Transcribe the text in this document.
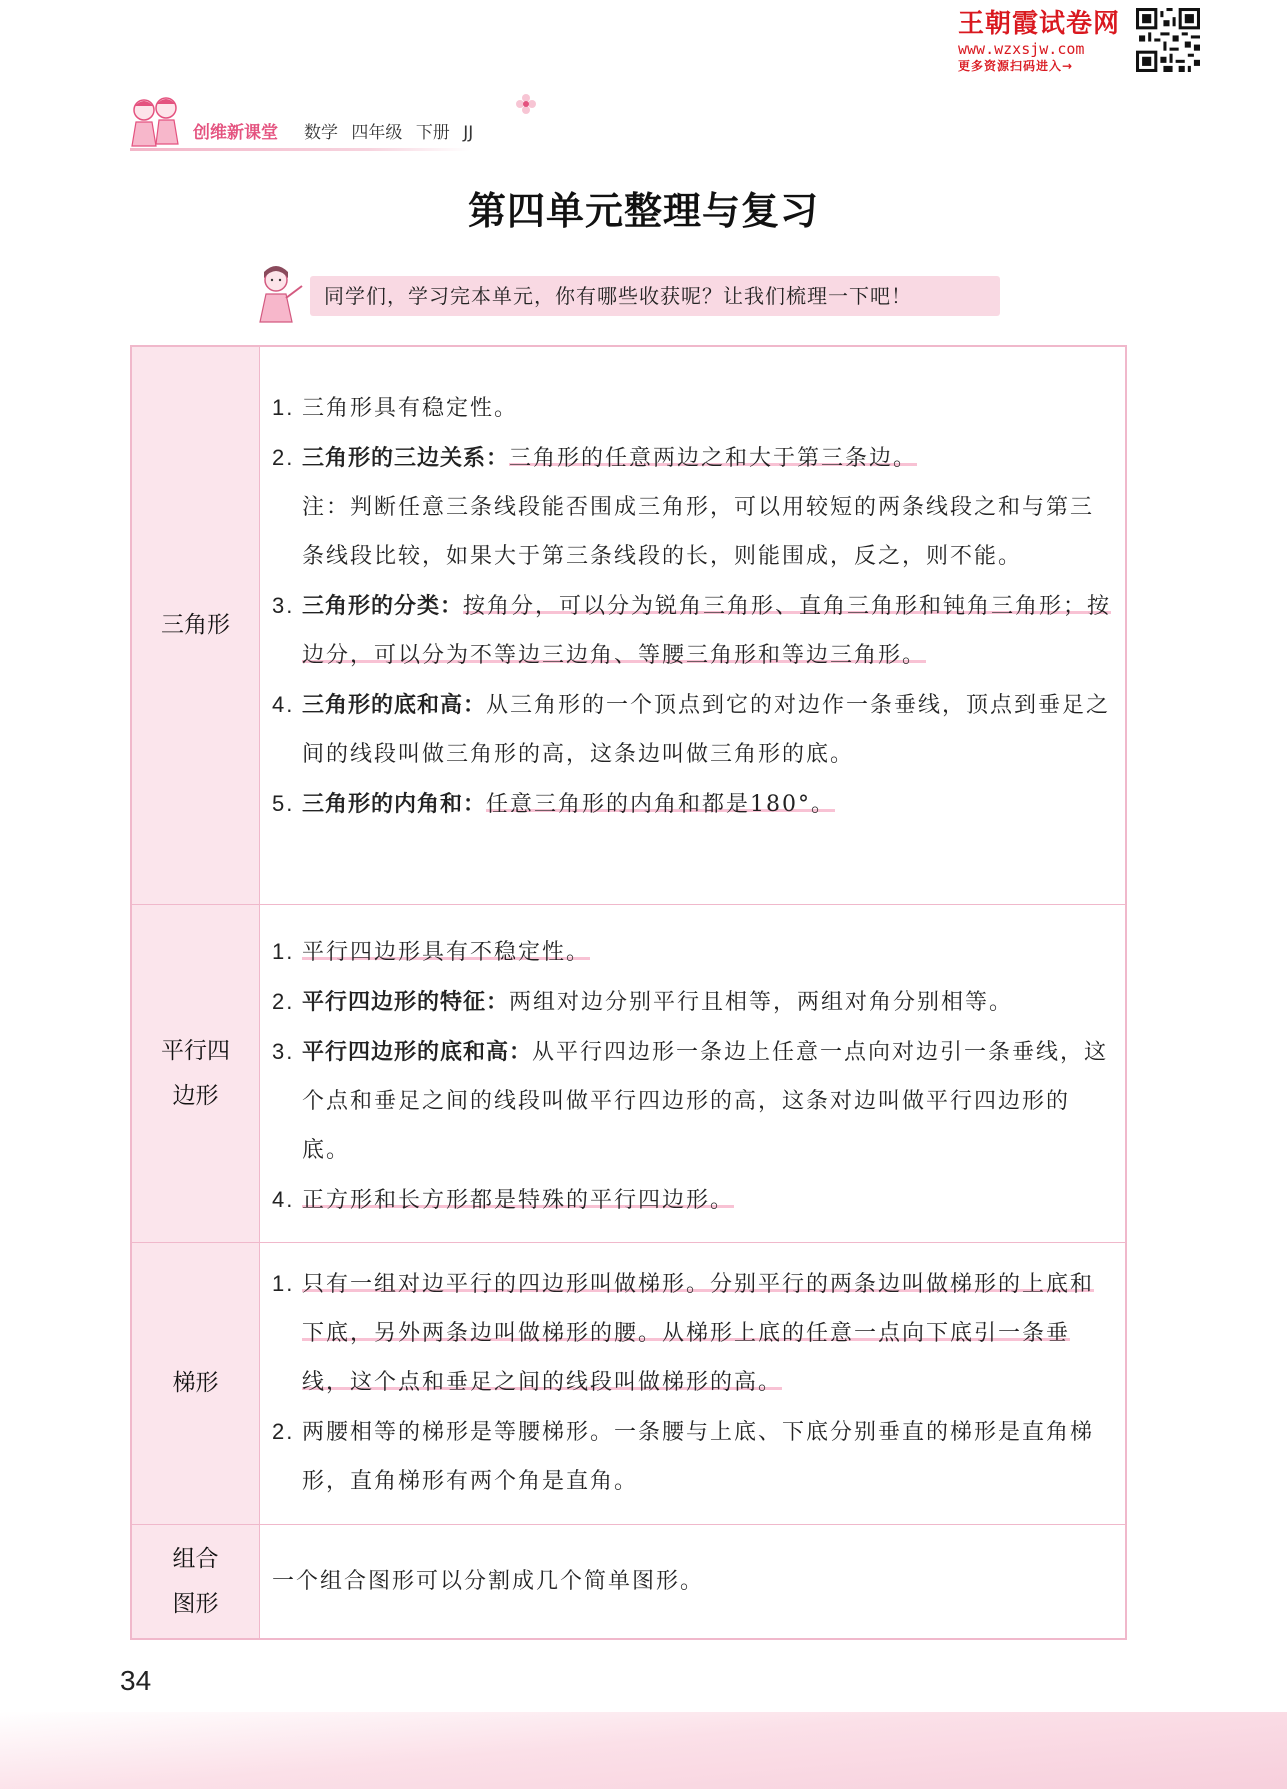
王朝霞试卷网
www.wzxsjw.com
更多资源扫码进入→
创维新课堂 数学 四年级 下册 JJ
第四单元整理与复习
同学们，学习完本单元，你有哪些收获呢？让我们梳理一下吧！
三角形
1. 三角形具有稳定性。
2. 三角形的三边关系：三角形的任意两边之和大于第三条边。
注：判断任意三条线段能否围成三角形，可以用较短的两条线段之和与第三条线段比较，如果大于第三条线段的长，则能围成，反之，则不能。
3. 三角形的分类：按角分，可以分为锐角三角形、直角三角形和钝角三角形；按边分，可以分为不等边三边角、等腰三角形和等边三角形。
4. 三角形的底和高：从三角形的一个顶点到它的对边作一条垂线，顶点到垂足之间的线段叫做三角形的高，这条边叫做三角形的底。
5. 三角形的内角和：任意三角形的内角和都是180°。
平行四边形
1. 平行四边形具有不稳定性。
2. 平行四边形的特征：两组对边分别平行且相等，两组对角分别相等。
3. 平行四边形的底和高：从平行四边形一条边上任意一点向对边引一条垂线，这个点和垂足之间的线段叫做平行四边形的高，这条对边叫做平行四边形的底。
4. 正方形和长方形都是特殊的平行四边形。
梯形
1. 只有一组对边平行的四边形叫做梯形。分别平行的两条边叫做梯形的上底和下底，另外两条边叫做梯形的腰。从梯形上底的任意一点向下底引一条垂线，这个点和垂足之间的线段叫做梯形的高。
2. 两腰相等的梯形是等腰梯形。一条腰与上底、下底分别垂直的梯形是直角梯形，直角梯形有两个角是直角。
组合图形
一个组合图形可以分割成几个简单图形。
34
